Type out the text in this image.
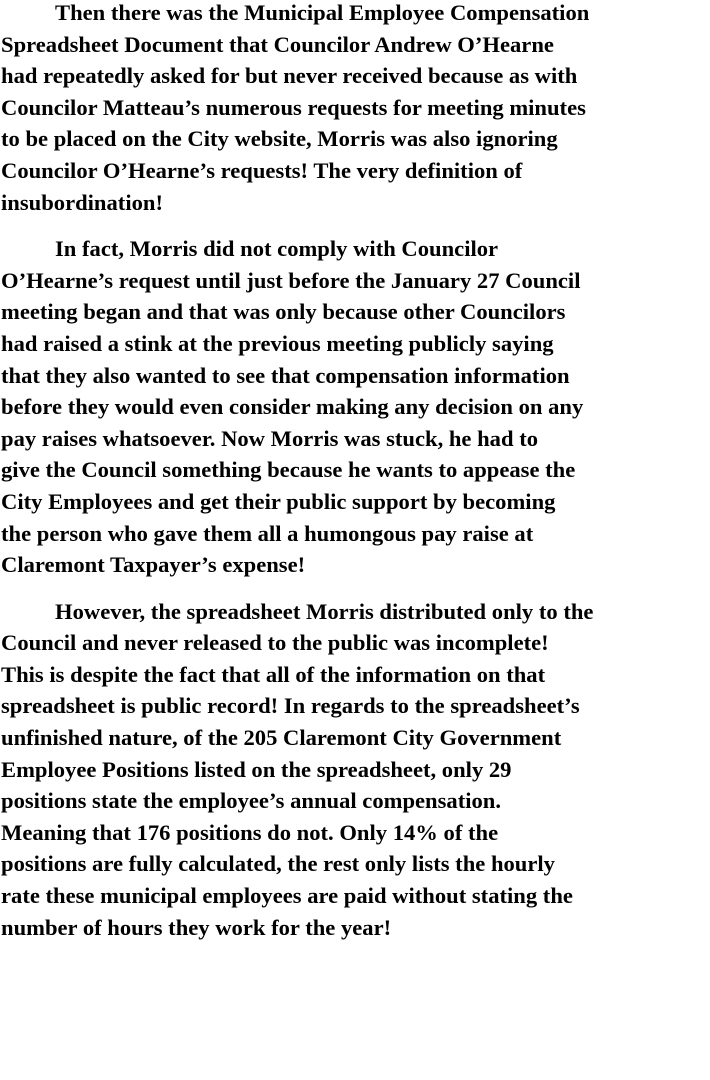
Then there was the Municipal Employee Compensation
Spreadsheet Document that Councilor Andrew O’Hearne
had repeatedly asked for but never received because as with
Councilor Matteau’s numerous requests for meeting minutes
to be placed on the City website, Morris was also ignoring
Councilor O’Hearne’s requests! The very definition of
insubordination!

In fact, Morris did not comply with Councilor
O’Hearne’s request until just before the January 27 Council
meeting began and that was only because other Councilors
had raised a stink at the previous meeting publicly saying
that they also wanted to see that compensation information
before they would even consider making any decision on any
pay raises whatsoever. Now Morris was stuck, he had to
give the Council something because he wants to appease the
City Employees and get their public support by becoming
the person who gave them all a humongous pay raise at
Claremont Taxpayer’s expense!

However, the spreadsheet Morris distributed only to the
Council and never released to the public was incomplete!
This is despite the fact that all of the information on that
spreadsheet is public record! In regards to the spreadsheet’s
unfinished nature, of the 205 Claremont City Government
Employee Positions listed on the spreadsheet, only 29
positions state the employee’s annual compensation.
Meaning that 176 positions do not. Only 14% of the
positions are fully calculated, the rest only lists the hourly
rate these municipal employees are paid without stating the
number of hours they work for the year!
